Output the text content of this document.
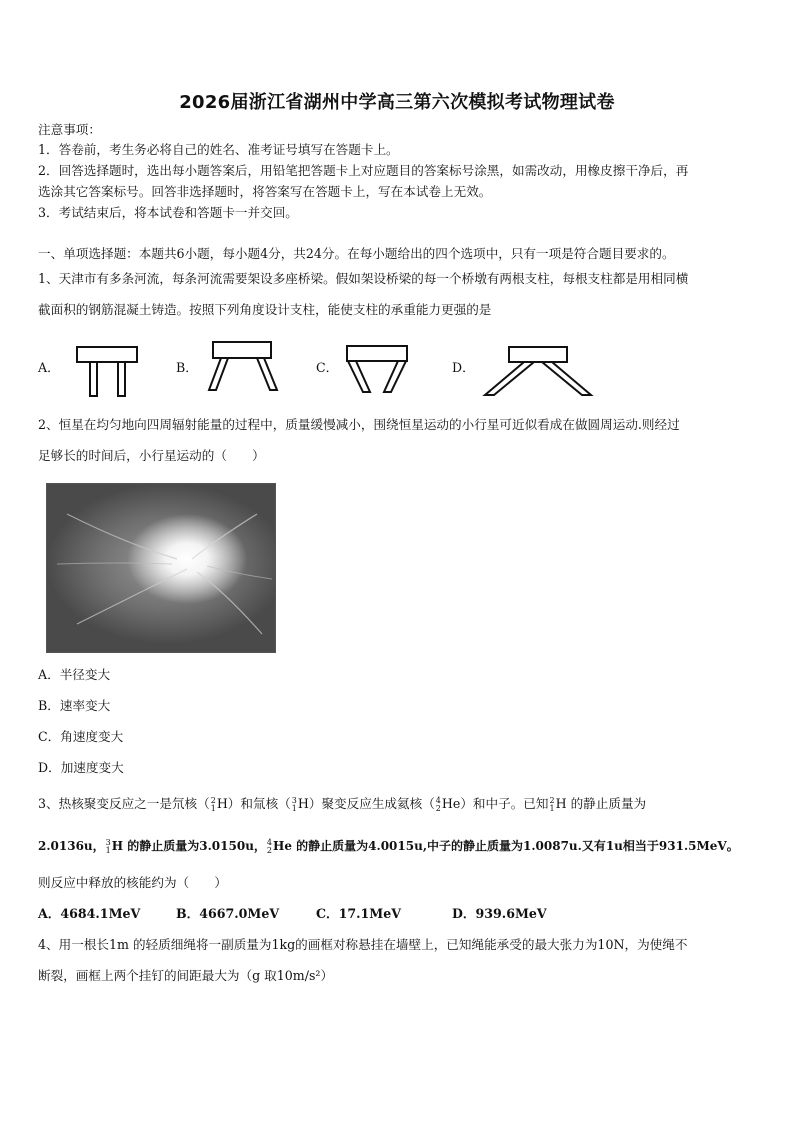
2026届浙江省湖州中学高三第六次模拟考试物理试卷
注意事项：
1．答卷前，考生务必将自己的姓名、准考证号填写在答题卡上。
2．回答选择题时，选出每小题答案后，用铅笔把答题卡上对应题目的答案标号涂黑，如需改动，用橡皮擦干净后，再
选涂其它答案标号。回答非选择题时，将答案写在答题卡上，写在本试卷上无效。
3．考试结束后，将本试卷和答题卡一并交回。
一、单项选择题：本题共6小题，每小题4分，共24分。在每小题给出的四个选项中，只有一项是符合题目要求的。
1、天津市有多条河流，每条河流需要架设多座桥梁。假如架设桥梁的每一个桥墩有两根支柱，每根支柱都是用相同横
截面积的钢筋混凝土铸造。按照下列角度设计支柱，能使支柱的承重能力更强的是
A．	B．	C．	D．
2、恒星在均匀地向四周辐射能量的过程中，质量缓慢减小，围绕恒星运动的小行星可近似看成在做圆周运动.则经过
足够长的时间后，小行星运动的（　　）
A．半径变大
B．速率变大
C．角速度变大
D．加速度变大
3、热核聚变反应之一是氘核（ 2
1 H）和氚核（ 3
1 H）聚变反应生成氦核（ 4
2 He）和中子。已知 2
1 H 的静止质量为
2.0136u， 3
1 H 的静止质量为3.0150u， 4
2 He 的静止质量为4.0015u,中子的静止质量为1.0087u.又有1u相当于931.5MeV。
则反应中释放的核能约为（　　）
A．4684.1MeV	B．4667.0MeV	C．17.1MeV	D．939.6MeV
4、用一根长1m 的轻质细绳将一副质量为1kg的画框对称悬挂在墙壁上，已知绳能承受的最大张力为10N，为使绳不
断裂，画框上两个挂钉的间距最大为（g 取10m/s²）
